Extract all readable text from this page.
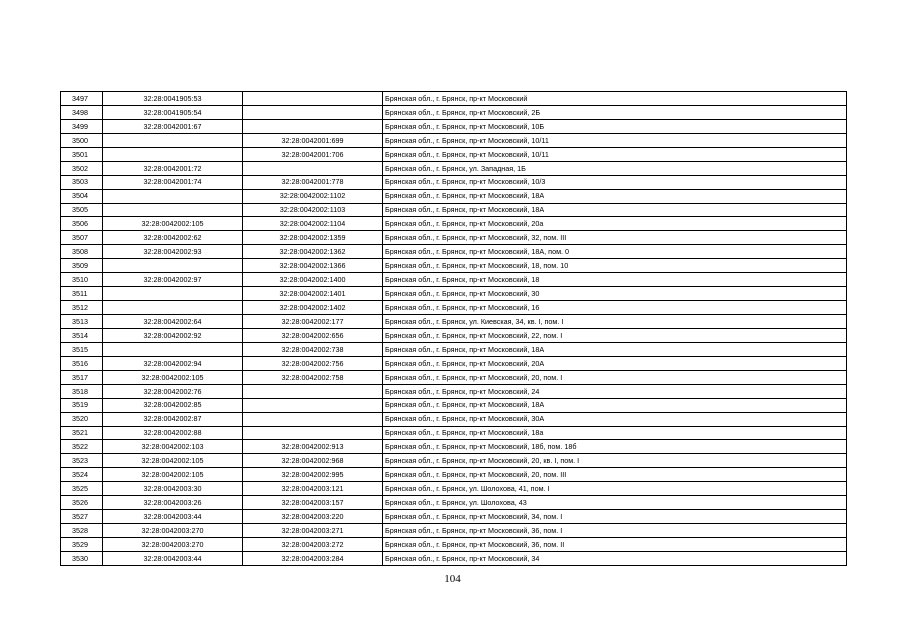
3497	32:28:0041905:53		Брянская обл., г. Брянск, пр-кт Московский
3498	32:28:0041905:54		Брянская обл., г. Брянск, пр-кт Московский, 2Б
3499	32:28:0042001:67		Брянская обл., г. Брянск, пр-кт Московский, 10Б
3500		32:28:0042001:699	Брянская обл., г. Брянск, пр-кт Московский, 10/11
3501		32:28:0042001:706	Брянская обл., г. Брянск, пр-кт Московский, 10/11
3502	32:28:0042001:72		Брянская обл., г. Брянск, ул. Западная, 1Б
3503	32:28:0042001:74	32:28:0042001:778	Брянская обл., г. Брянск, пр-кт Московский, 10/3
3504		32:28:0042002:1102	Брянская обл., г. Брянск, пр-кт Московский, 18А
3505		32:28:0042002:1103	Брянская обл., г. Брянск, пр-кт Московский, 18А
3506	32:28:0042002:105	32:28:0042002:1104	Брянская обл., г. Брянск, пр-кт Московский, 20а
3507	32:28:0042002:62	32:28:0042002:1359	Брянская обл., г. Брянск, пр-кт Московский, 32, пом. III
3508	32:28:0042002:93	32:28:0042002:1362	Брянская обл., г. Брянск, пр-кт Московский, 18А, пом. 0
3509		32:28:0042002:1366	Брянская обл., г. Брянск, пр-кт Московский, 18, пом. 10
3510	32:28:0042002:97	32:28:0042002:1400	Брянская обл., г. Брянск, пр-кт Московский, 18
3511		32:28:0042002:1401	Брянская обл., г. Брянск, пр-кт Московский, 30
3512		32:28:0042002:1402	Брянская обл., г. Брянск, пр-кт Московский, 16
3513	32:28:0042002:64	32:28:0042002:177	Брянская обл., г. Брянск, ул. Киевская, 34, кв. I, пом. I
3514	32:28:0042002:92	32:28:0042002:656	Брянская обл., г. Брянск, пр-кт Московский, 22, пом. I
3515		32:28:0042002:738	Брянская обл., г. Брянск, пр-кт Московский, 18А
3516	32:28:0042002:94	32:28:0042002:756	Брянская обл., г. Брянск, пр-кт Московский, 20А
3517	32:28:0042002:105	32:28:0042002:758	Брянская обл., г. Брянск, пр-кт Московский, 20, пом. I
3518	32:28:0042002:76		Брянская обл., г. Брянск, пр-кт Московский, 24
3519	32:28:0042002:85		Брянская обл., г. Брянск, пр-кт Московский, 18А
3520	32:28:0042002:87		Брянская обл., г. Брянск, пр-кт Московский, 30А
3521	32:28:0042002:88		Брянская обл., г. Брянск, пр-кт Московский, 18а
3522	32:28:0042002:103	32:28:0042002:913	Брянская обл., г. Брянск, пр-кт Московский, 18б, пом. 18б
3523	32:28:0042002:105	32:28:0042002:968	Брянская обл., г. Брянск, пр-кт Московский, 20, кв. I, пом. I
3524	32:28:0042002:105	32:28:0042002:995	Брянская обл., г. Брянск, пр-кт Московский, 20, пом. III
3525	32:28:0042003:30	32:28:0042003:121	Брянская обл., г. Брянск, ул. Шолохова, 41, пом. I
3526	32:28:0042003:26	32:28:0042003:157	Брянская обл., г. Брянск, ул. Шолохова, 43
3527	32:28:0042003:44	32:28:0042003:220	Брянская обл., г. Брянск, пр-кт Московский, 34, пом. I
3528	32:28:0042003:270	32:28:0042003:271	Брянская обл., г. Брянск, пр-кт Московский, 36, пом. I
3529	32:28:0042003:270	32:28:0042003:272	Брянская обл., г. Брянск, пр-кт Московский, 36, пом. II
3530	32:28:0042003:44	32:28:0042003:284	Брянская обл., г. Брянск, пр-кт Московский, 34
104
